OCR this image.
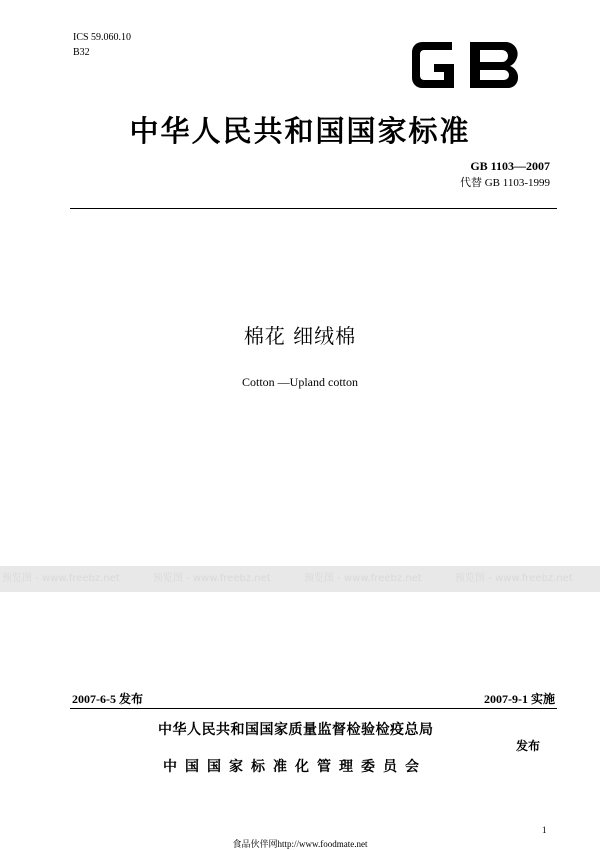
ICS 59.060.10
B32
GB
中华人民共和国国家标准
GB 1103—2007
代替 GB 1103-1999
棉花 细绒棉
Cotton —Upland cotton
预览图 - www.freebz.net	预览图 - www.freebz.net	预览图 - www.freebz.net	预览图 - www.freebz.net
2007-6-5 发布	2007-9-1 实施
中华人民共和国国家质量监督检验检疫总局
中国国家标准化管理委员会
发布
1
食品伙伴网http://www.foodmate.net
